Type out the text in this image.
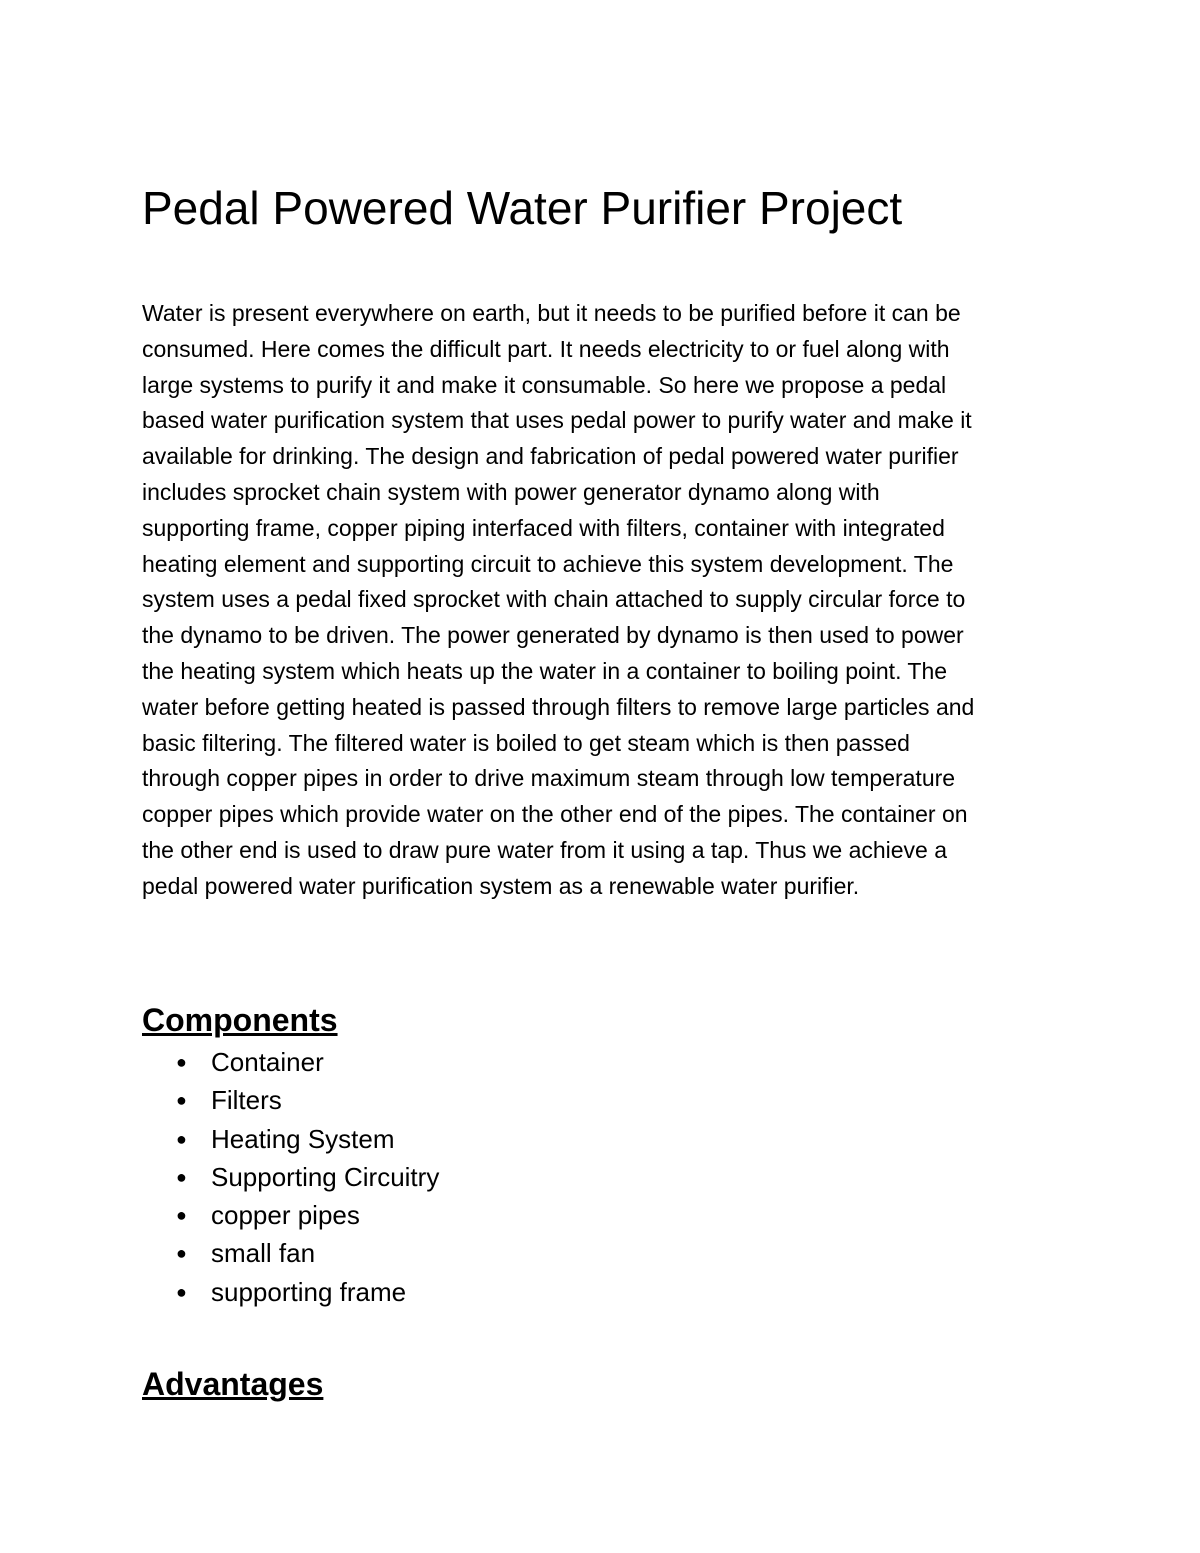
Pedal Powered Water Purifier Project
Water is present everywhere on earth, but it needs to be purified before it can be
consumed. Here comes the difficult part. It needs electricity to or fuel along with
large systems to purify it and make it consumable. So here we propose a pedal
based water purification system that uses pedal power to purify water and make it
available for drinking. The design and fabrication of pedal powered water purifier
includes sprocket chain system with power generator dynamo along with
supporting frame, copper piping interfaced with filters, container with integrated
heating element and supporting circuit to achieve this system development. The
system uses a pedal fixed sprocket with chain attached to supply circular force to
the dynamo to be driven. The power generated by dynamo is then used to power
the heating system which heats up the water in a container to boiling point. The
water before getting heated is passed through filters to remove large particles and
basic filtering. The filtered water is boiled to get steam which is then passed
through copper pipes in order to drive maximum steam through low temperature
copper pipes which provide water on the other end of the pipes. The container on
the other end is used to draw pure water from it using a tap. Thus we achieve a
pedal powered water purification system as a renewable water purifier.
Components
● Container
● Filters
● Heating System
● Supporting Circuitry
● copper pipes
● small fan
● supporting frame
Advantages
